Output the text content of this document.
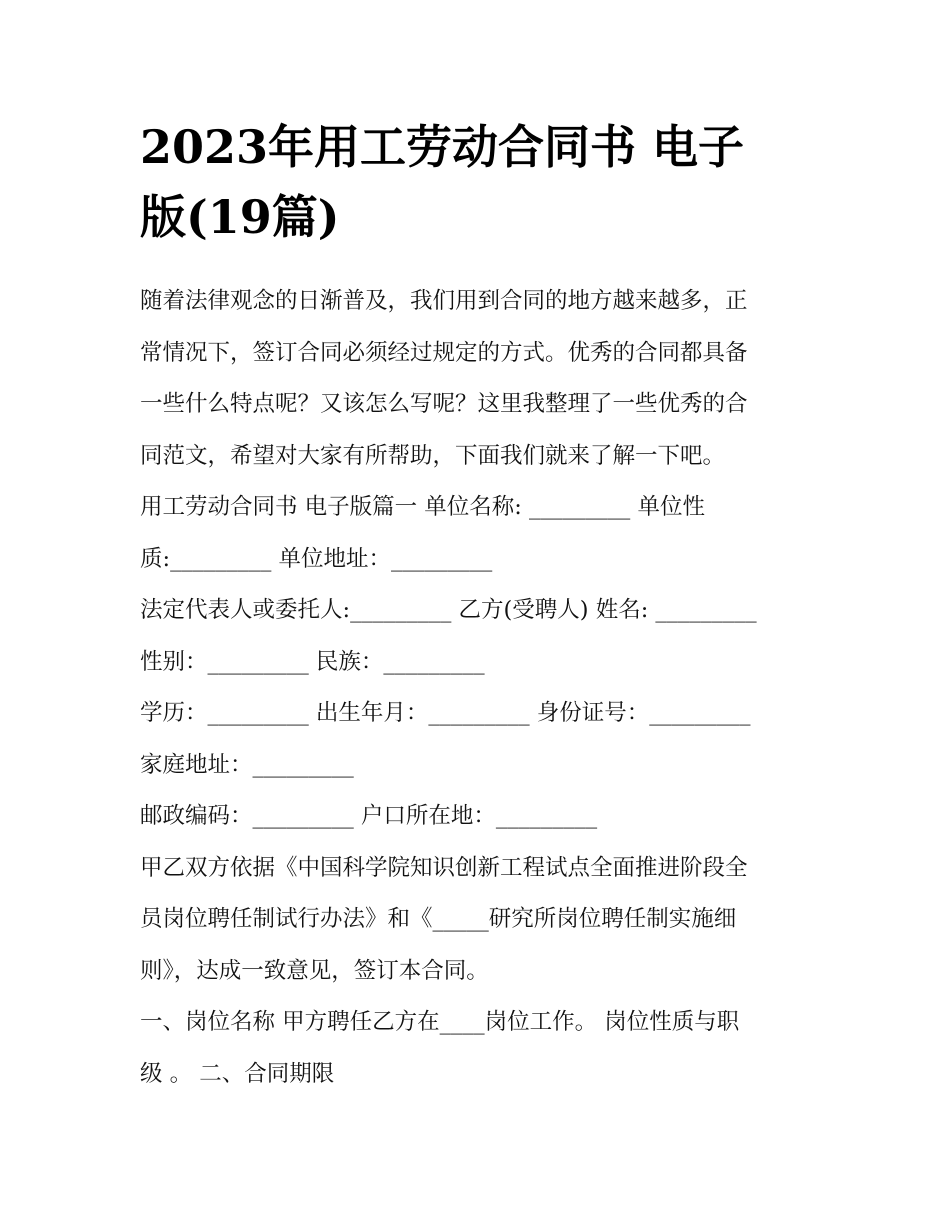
2023年用工劳动合同书 电子
版(19篇)
随着法律观念的日渐普及，我们用到合同的地方越来越多，正
常情况下，签订合同必须经过规定的方式。优秀的合同都具备
一些什么特点呢？又该怎么写呢？这里我整理了一些优秀的合
同范文，希望对大家有所帮助，下面我们就来了解一下吧。
用工劳动合同书 电子版篇一 单位名称: _________ 单位性
质:_________ 单位地址：_________
法定代表人或委托人:_________ 乙方(受聘人) 姓名: _________
性别：_________ 民族：_________
学历：_________ 出生年月：_________ 身份证号：_________
家庭地址：_________
邮政编码：_________ 户口所在地：_________
甲乙双方依据《中国科学院知识创新工程试点全面推进阶段全
员岗位聘任制试行办法》和《_____研究所岗位聘任制实施细
则》，达成一致意见，签订本合同。
一、岗位名称 甲方聘任乙方在____岗位工作。 岗位性质与职
级 。 二、合同期限
